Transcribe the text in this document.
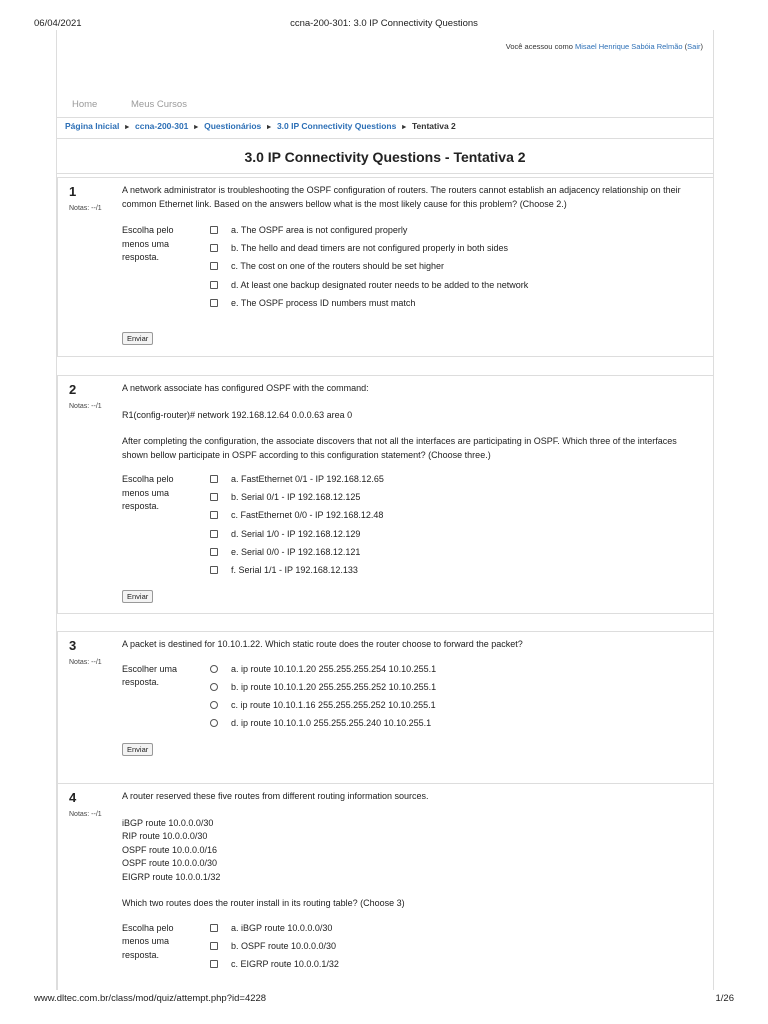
06/04/2021	ccna-200-301: 3.0 IP Connectivity Questions
Você acessou como Misael Henrique Sabóia Relmão (Sair)
Home	Meus Cursos
Página Inicial ► ccna-200-301 ► Questionários ► 3.0 IP Connectivity Questions ► Tentativa 2
3.0 IP Connectivity Questions - Tentativa 2
1
Notas: --/1

A network administrator is troubleshooting the OSPF configuration of routers. The routers cannot establish an adjacency relationship on their common Ethernet link. Based on the answers bellow what is the most likely cause for this problem? (Choose 2.)

Escolha pelo menos uma resposta.
a. The OSPF area is not configured properly
b. The hello and dead timers are not configured properly in both sides
c. The cost on one of the routers should be set higher
d. At least one backup designated router needs to be added to the network
e. The OSPF process ID numbers must match
Enviar
2
Notas: --/1

A network associate has configured OSPF with the command:

R1(config-router)# network 192.168.12.64 0.0.0.63 area 0

After completing the configuration, the associate discovers that not all the interfaces are participating in OSPF. Which three of the interfaces shown bellow participate in OSPF according to this configuration statement? (Choose three.)

Escolha pelo menos uma resposta.
a. FastEthernet 0/1 - IP 192.168.12.65
b. Serial 0/1 - IP 192.168.12.125
c. FastEthernet 0/0 - IP 192.168.12.48
d. Serial 1/0 - IP 192.168.12.129
e. Serial 0/0 - IP 192.168.12.121
f. Serial 1/1 - IP 192.168.12.133
Enviar
3
Notas: --/1

A packet is destined for 10.10.1.22. Which static route does the router choose to forward the packet?

Escolher uma resposta.
a. ip route 10.10.1.20 255.255.255.254 10.10.255.1
b. ip route 10.10.1.20 255.255.255.252 10.10.255.1
c. ip route 10.10.1.16 255.255.255.252 10.10.255.1
d. ip route 10.10.1.0 255.255.255.240 10.10.255.1
Enviar
4
Notas: --/1

A router reserved these five routes from different routing information sources.

iBGP route 10.0.0.0/30

RIP route 10.0.0.0/30

OSPF route 10.0.0.0/16

OSPF route 10.0.0.0/30

EIGRP route 10.0.0.1/32

Which two routes does the router install in its routing table? (Choose 3)

Escolha pelo menos uma resposta.
a. iBGP route 10.0.0.0/30
b. OSPF route 10.0.0.0/30
c. EIGRP route 10.0.0.1/32
www.dltec.com.br/class/mod/quiz/attempt.php?id=4228	1/26
